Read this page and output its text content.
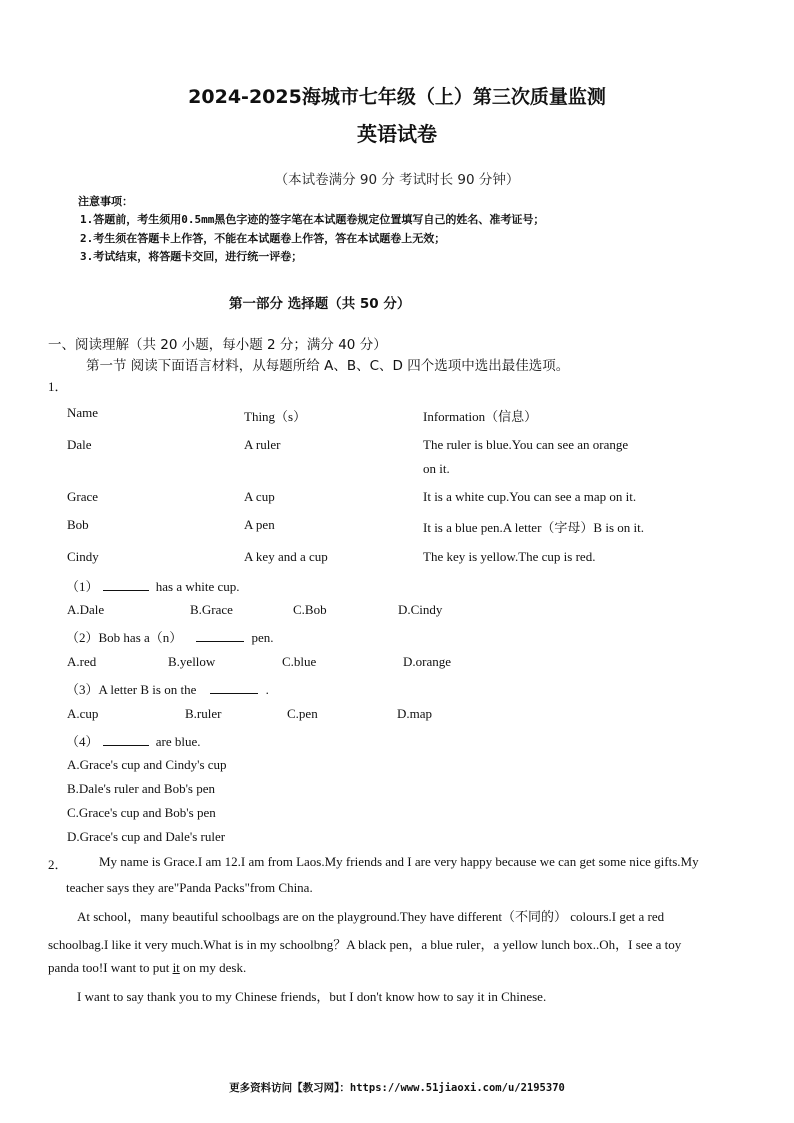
2024-2025海城市七年级（上）第三次质量监测
英语试卷
（本试卷满分 90 分 考试时长 90 分钟）
注意事项：
1.答题前，考生须用0.5mm黑色字迹的签字笔在本试题卷规定位置填写自己的姓名、准考证号；
2.考生须在答题卡上作答，不能在本试题卷上作答，答在本试题卷上无效；
3.考试结束，将答题卡交回，进行统一评卷；
第一部分 选择题（共 50 分）
一、阅读理解（共 20 小题，每小题 2 分；满分 40 分）
第一节 阅读下面语言材料，从每题所给 A、B、C、D 四个选项中选出最佳选项。
1．
Name	Thing（s）	Information（信息）
Dale	A ruler	The ruler is blue.You can see an orange
on it.
Grace	A cup	It is a white cup.You can see a map on it.
Bob	A pen	It is a blue pen.A letter（字母）B is on it.
Cindy	A key and a cup	The key is yellow.The cup is red.
（1）	has a white cup.
A.Dale	B.Grace	C.Bob	D.Cindy
（2）Bob has a（n）	pen.
A.red	B.yellow	C.blue	D.orange
（3）A letter B is on the	.
A.cup	B.ruler	C.pen	D.map
（4）	are blue.
A.Grace's cup and Cindy's cup
B.Dale's ruler and Bob's pen
C.Grace's cup and Bob's pen
D.Grace's cup and Dale's ruler
2． My name is Grace.I am 12.I am from Laos.My friends and I are very happy because we can get some nice gifts.My
teacher says they are"Panda Packs"from China.
At school，many beautiful schoolbags are on the playground.They have different（不同的） colours.I get a red
schoolbag.I like it very much.What is in my schoolbng？A black pen，a blue ruler，a yellow lunch box..Oh，I see a toy
panda too!I want to put it on my desk.
I want to say thank you to my Chinese friends，but I don't know how to say it in Chinese.
更多资料访问【教习网】：https://www.51jiaoxi.com/u/2195370
